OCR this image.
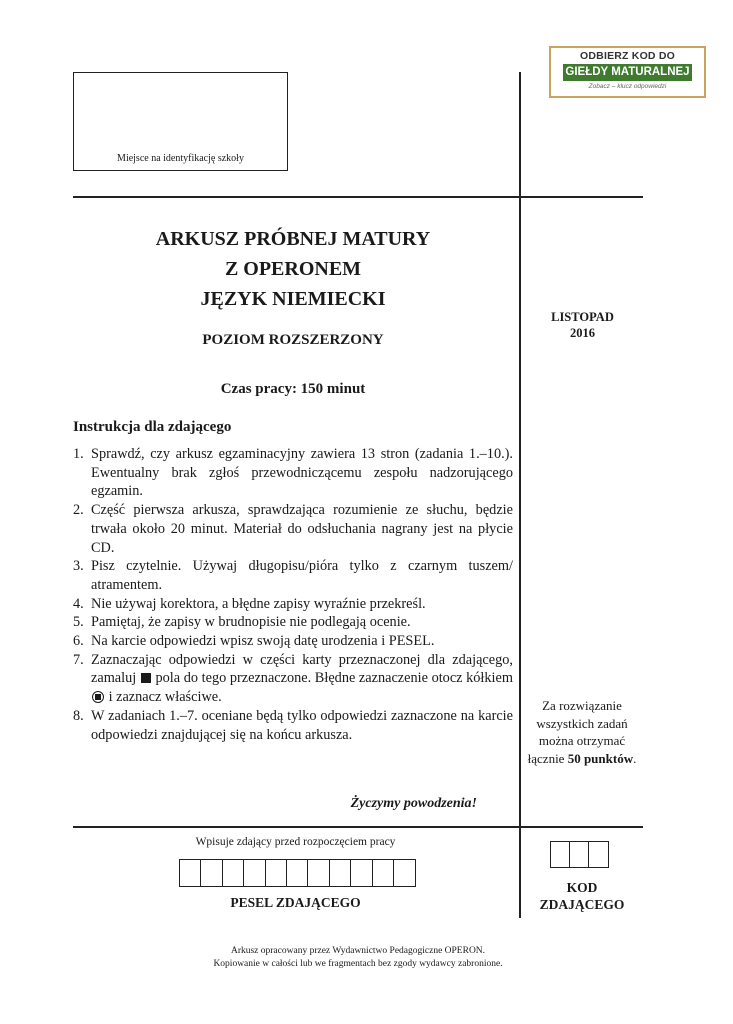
ODBIERZ KOD DO
GIEŁDY MATURALNEJ
Zobacz – klucz odpowiedzi
Miejsce na identyfikację szkoły
ARKUSZ PRÓBNEJ MATURY
Z OPERONEM
JĘZYK NIEMIECKI
POZIOM ROZSZERZONY
Czas pracy: 150 minut
LISTOPAD
2016
Instrukcja dla zdającego
1. Sprawdź, czy arkusz egzaminacyjny zawiera 13 stron (zadania 1.–10.). Ewentualny brak zgłoś przewodniczącemu zespołu nadzorującego egzamin.
2. Część pierwsza arkusza, sprawdzająca rozumienie ze słuchu, będzie trwała około 20 minut. Materiał do odsłuchania nagrany jest na płycie CD.
3. Pisz czytelnie. Używaj długopisu/pióra tylko z czarnym tuszem/ atramentem.
4. Nie używaj korektora, a błędne zapisy wyraźnie przekreśl.
5. Pamiętaj, że zapisy w brudnopisie nie podlegają ocenie.
6. Na karcie odpowiedzi wpisz swoją datę urodzenia i PESEL.
7. Zaznaczając odpowiedzi w części karty przeznaczonej dla zdającego, zamaluj  pola do tego przeznaczone. Błędne zaznaczenie otocz kółkiem  i zaznacz właściwe.
8. W zadaniach 1.–7. oceniane będą tylko odpowiedzi zaznaczone na karcie odpowiedzi znajdującej się na końcu arkusza.
Życzymy powodzenia!
Za rozwiązanie
wszystkich zadań
można otrzymać
łącznie 50 punktów.
Wpisuje zdający przed rozpoczęciem pracy
PESEL ZDAJĄCEGO
KOD
ZDAJĄCEGO
Arkusz opracowany przez Wydawnictwo Pedagogiczne OPERON.
Kopiowanie w całości lub we fragmentach bez zgody wydawcy zabronione.
